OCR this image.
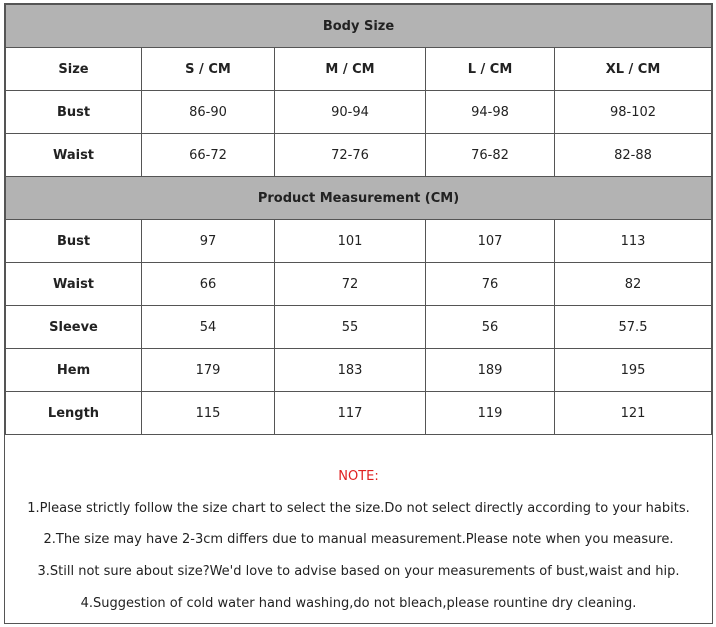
Body Size				
Size	S / CM	M / CM	L / CM	XL / CM
Bust	86-90	90-94	94-98	98-102
Waist	66-72	72-76	76-82	82-88
Product Measurement (CM)				
Bust	97	101	107	113
Waist	66	72	76	82
Sleeve	54	55	56	57.5
Hem	179	183	189	195
Length	115	117	119	121
NOTE:
1.Please strictly follow the size chart to select the size.Do not select directly according to your habits.
2.The size may have 2-3cm differs due to manual measurement.Please note when you measure.
3.Still not sure about size?We'd love to advise based on your measurements of bust,waist and hip.
4.Suggestion of cold water hand washing,do not bleach,please rountine dry cleaning.
